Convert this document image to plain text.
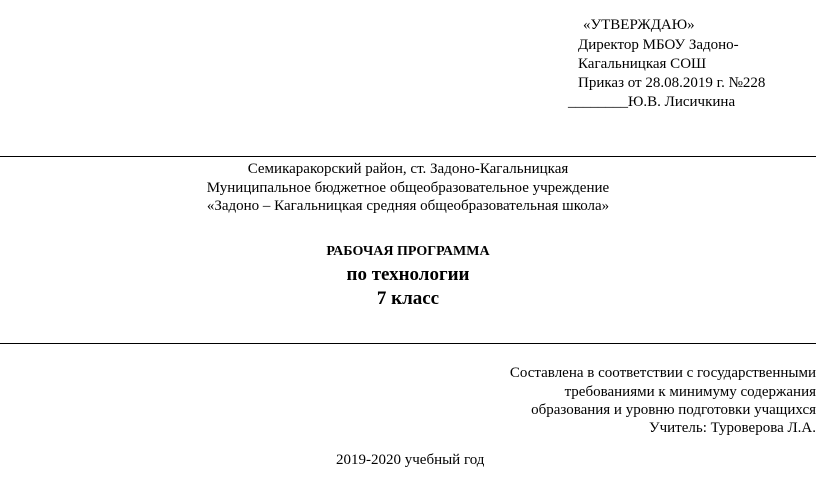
«УТВЕРЖДАЮ»
Директор МБОУ Задоно-
Кагальницкая СОШ
Приказ от 28.08.2019 г. №228
________Ю.В. Лисичкина
Семикаракорский район, ст. Задоно-Кагальницкая
Муниципальное бюджетное общеобразовательное учреждение
«Задоно – Кагальницкая средняя общеобразовательная школа»
РАБОЧАЯ ПРОГРАММА
по технологии
7 класс
Составлена в соответствии с государственными
требованиями к минимуму содержания
образования и уровню подготовки учащихся
Учитель: Туроверова Л.А.
2019-2020 учебный год
